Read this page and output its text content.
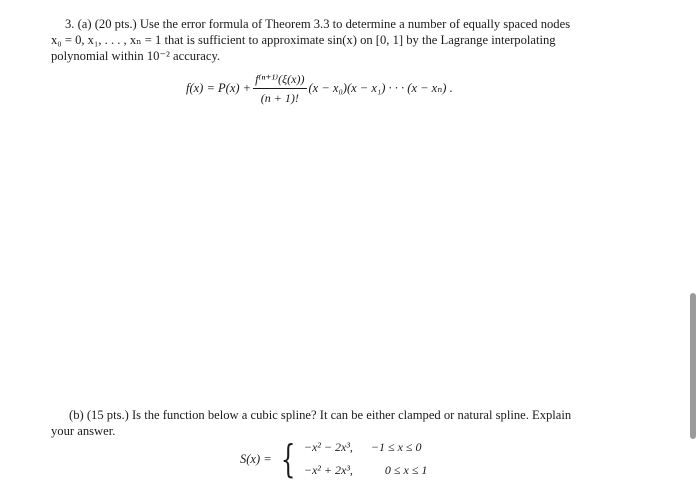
3. (a) (20 pts.) Use the error formula of Theorem 3.3 to determine a number of equally spaced nodes
x₀ = 0, x₁, . . . , xₙ = 1 that is sufficient to approximate sin(x) on [0, 1] by the Lagrange interpolating
polynomial within 10⁻² accuracy.
$f(x) = P(x) + \frac{\text{f⁽ⁿ⁺¹⁾(ξ(x))}}{(n + 1)!} (x - x_0)(x - x_1)$ · · · (x − xₙ) .
(b) (15 pts.) Is the function below a cubic spline? It can be either clamped or natural spline. Explain
your answer.
S(x) = { −x² − 2x³, −1 ≤ x ≤ 0
−x² + 2x³,	0 ≤ x ≤ 1
